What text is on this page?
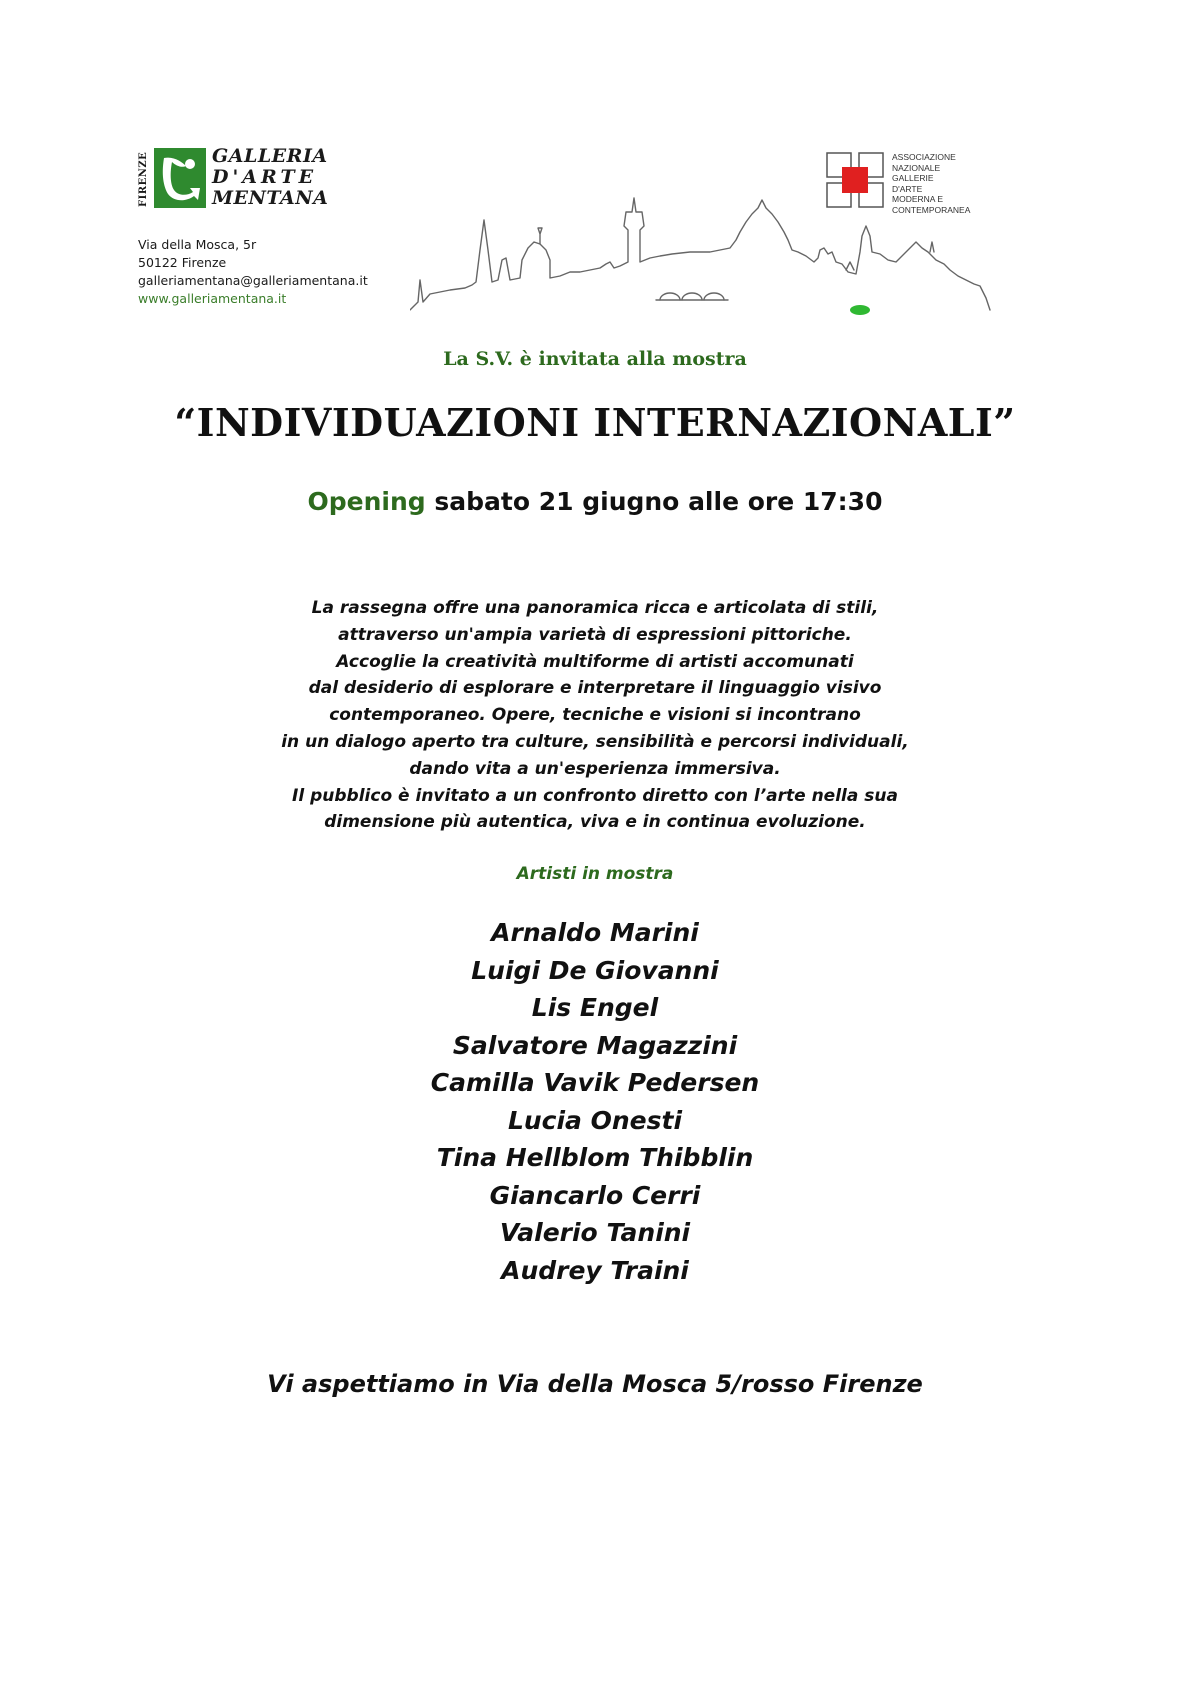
FIRENZE	GALLERIA
D'ARTE
MENTANA
Via della Mosca, 5r
50122 Firenze
galleriamentana@galleriamentana.it
www.galleriamentana.it
ASSOCIAZIONE
NAZIONALE
GALLERIE
D'ARTE
MODERNA E
CONTEMPORANEA
La S.V. è invitata alla mostra
“INDIVIDUAZIONI INTERNAZIONALI”
Opening sabato 21 giugno alle ore 17:30
La rassegna offre una panoramica ricca e articolata di stili,
attraverso un'ampia varietà di espressioni pittoriche.
Accoglie la creatività multiforme di artisti accomunati
dal desiderio di esplorare e interpretare il linguaggio visivo
contemporaneo. Opere, tecniche e visioni si incontrano
in un dialogo aperto tra culture, sensibilità e percorsi individuali,
dando vita a un'esperienza immersiva.
Il pubblico è invitato a un confronto diretto con l’arte nella sua
dimensione più autentica, viva e in continua evoluzione.
Artisti in mostra
Arnaldo Marini
Luigi De Giovanni
Lis Engel
Salvatore Magazzini
Camilla Vavik Pedersen
Lucia Onesti
Tina Hellblom Thibblin
Giancarlo Cerri
Valerio Tanini
Audrey Traini
Vi aspettiamo in Via della Mosca 5/rosso Firenze
